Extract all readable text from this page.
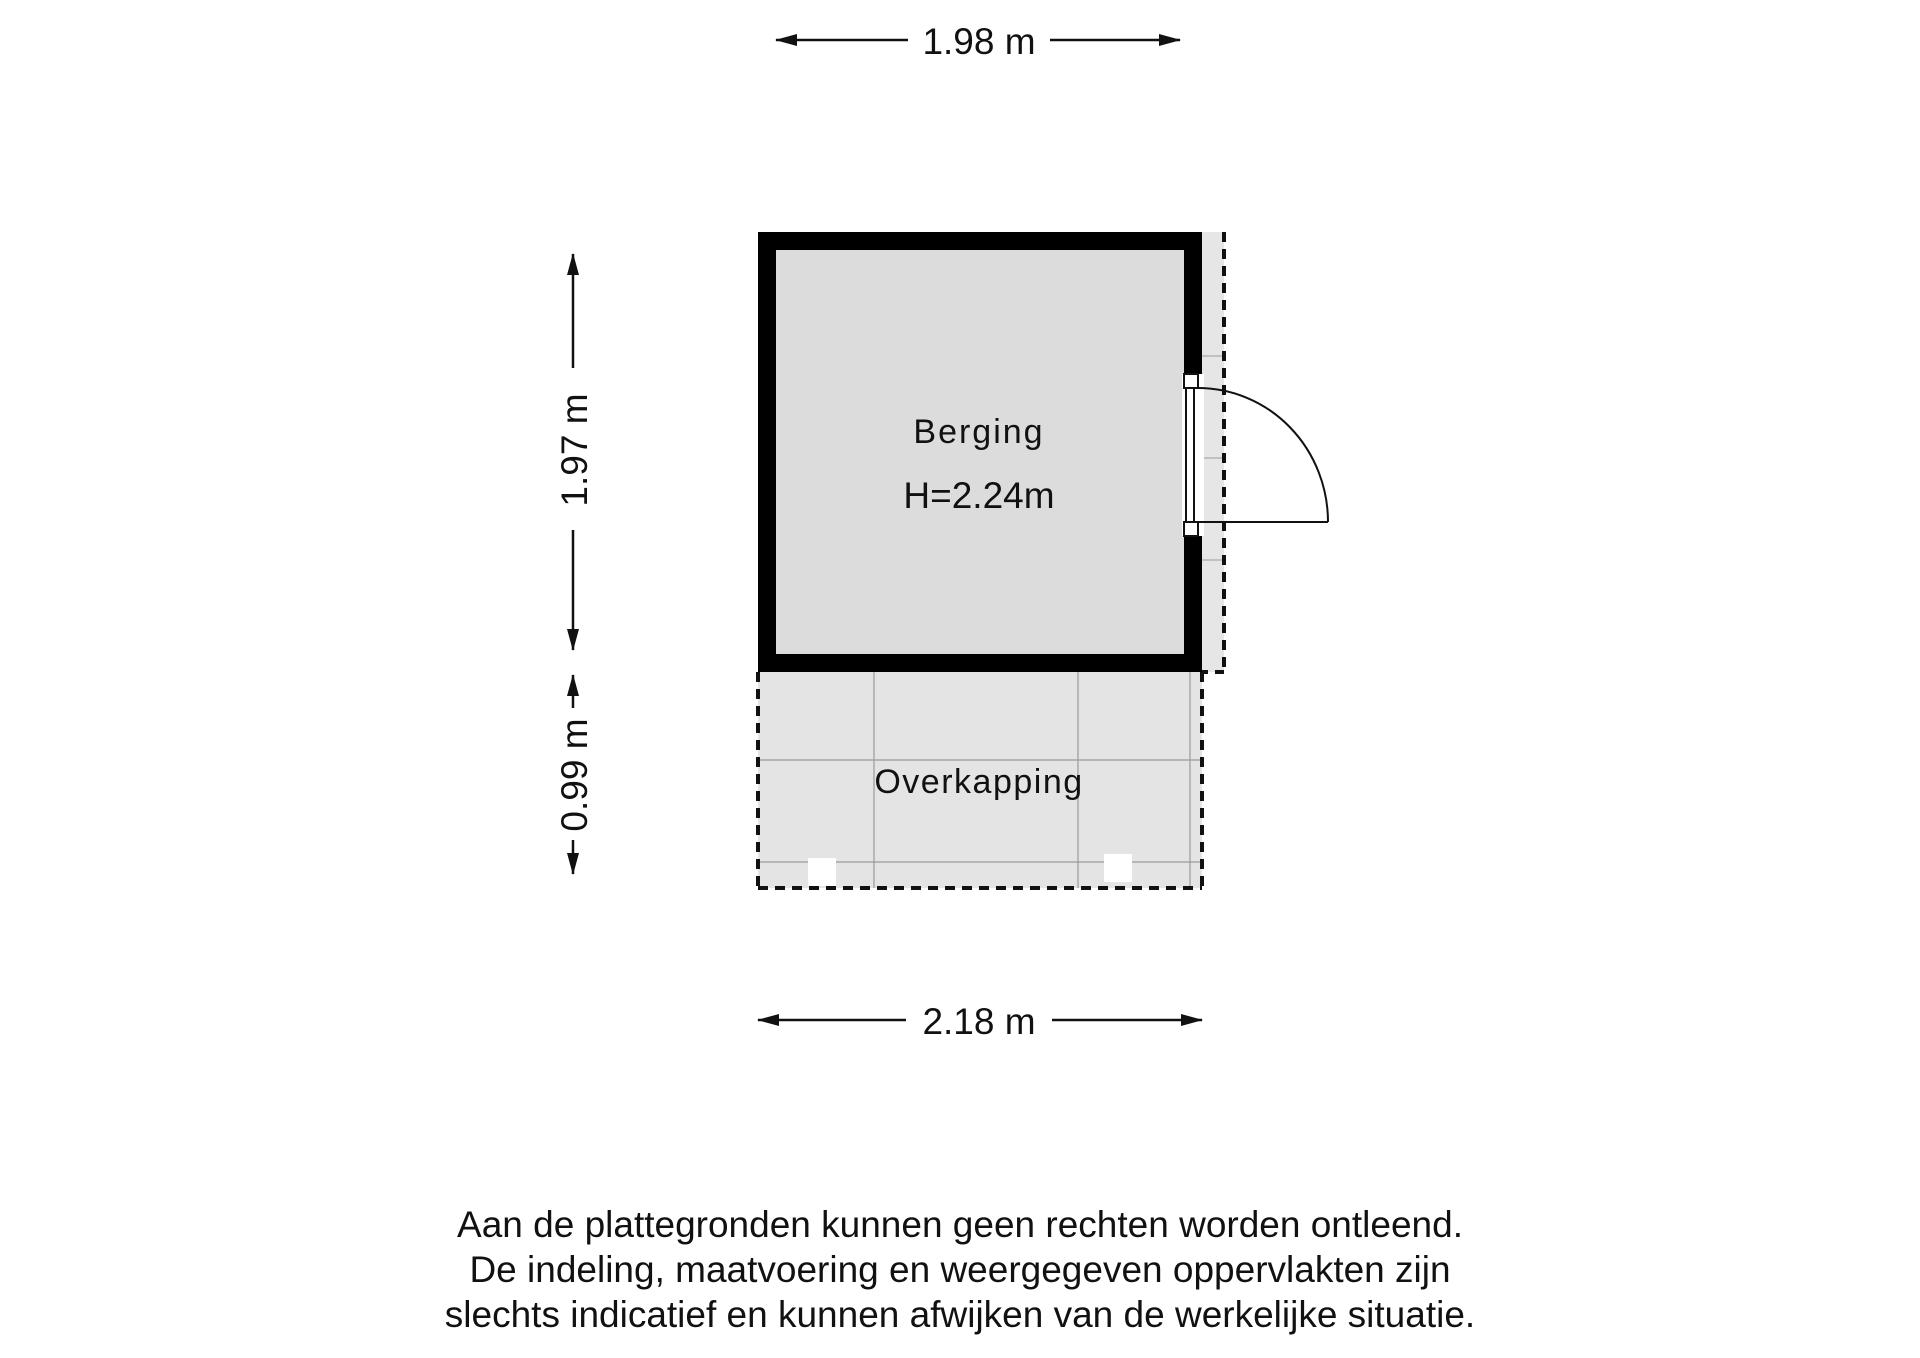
1.98 m
1.97 m
0.99 m	Overkapping
Berging
H=2.24m
2.18 m
Aan de plattegronden kunnen geen rechten worden ontleend.
De indeling, maatvoering en weergegeven oppervlakten zijn
slechts indicatief en kunnen afwijken van de werkelijke situatie.
